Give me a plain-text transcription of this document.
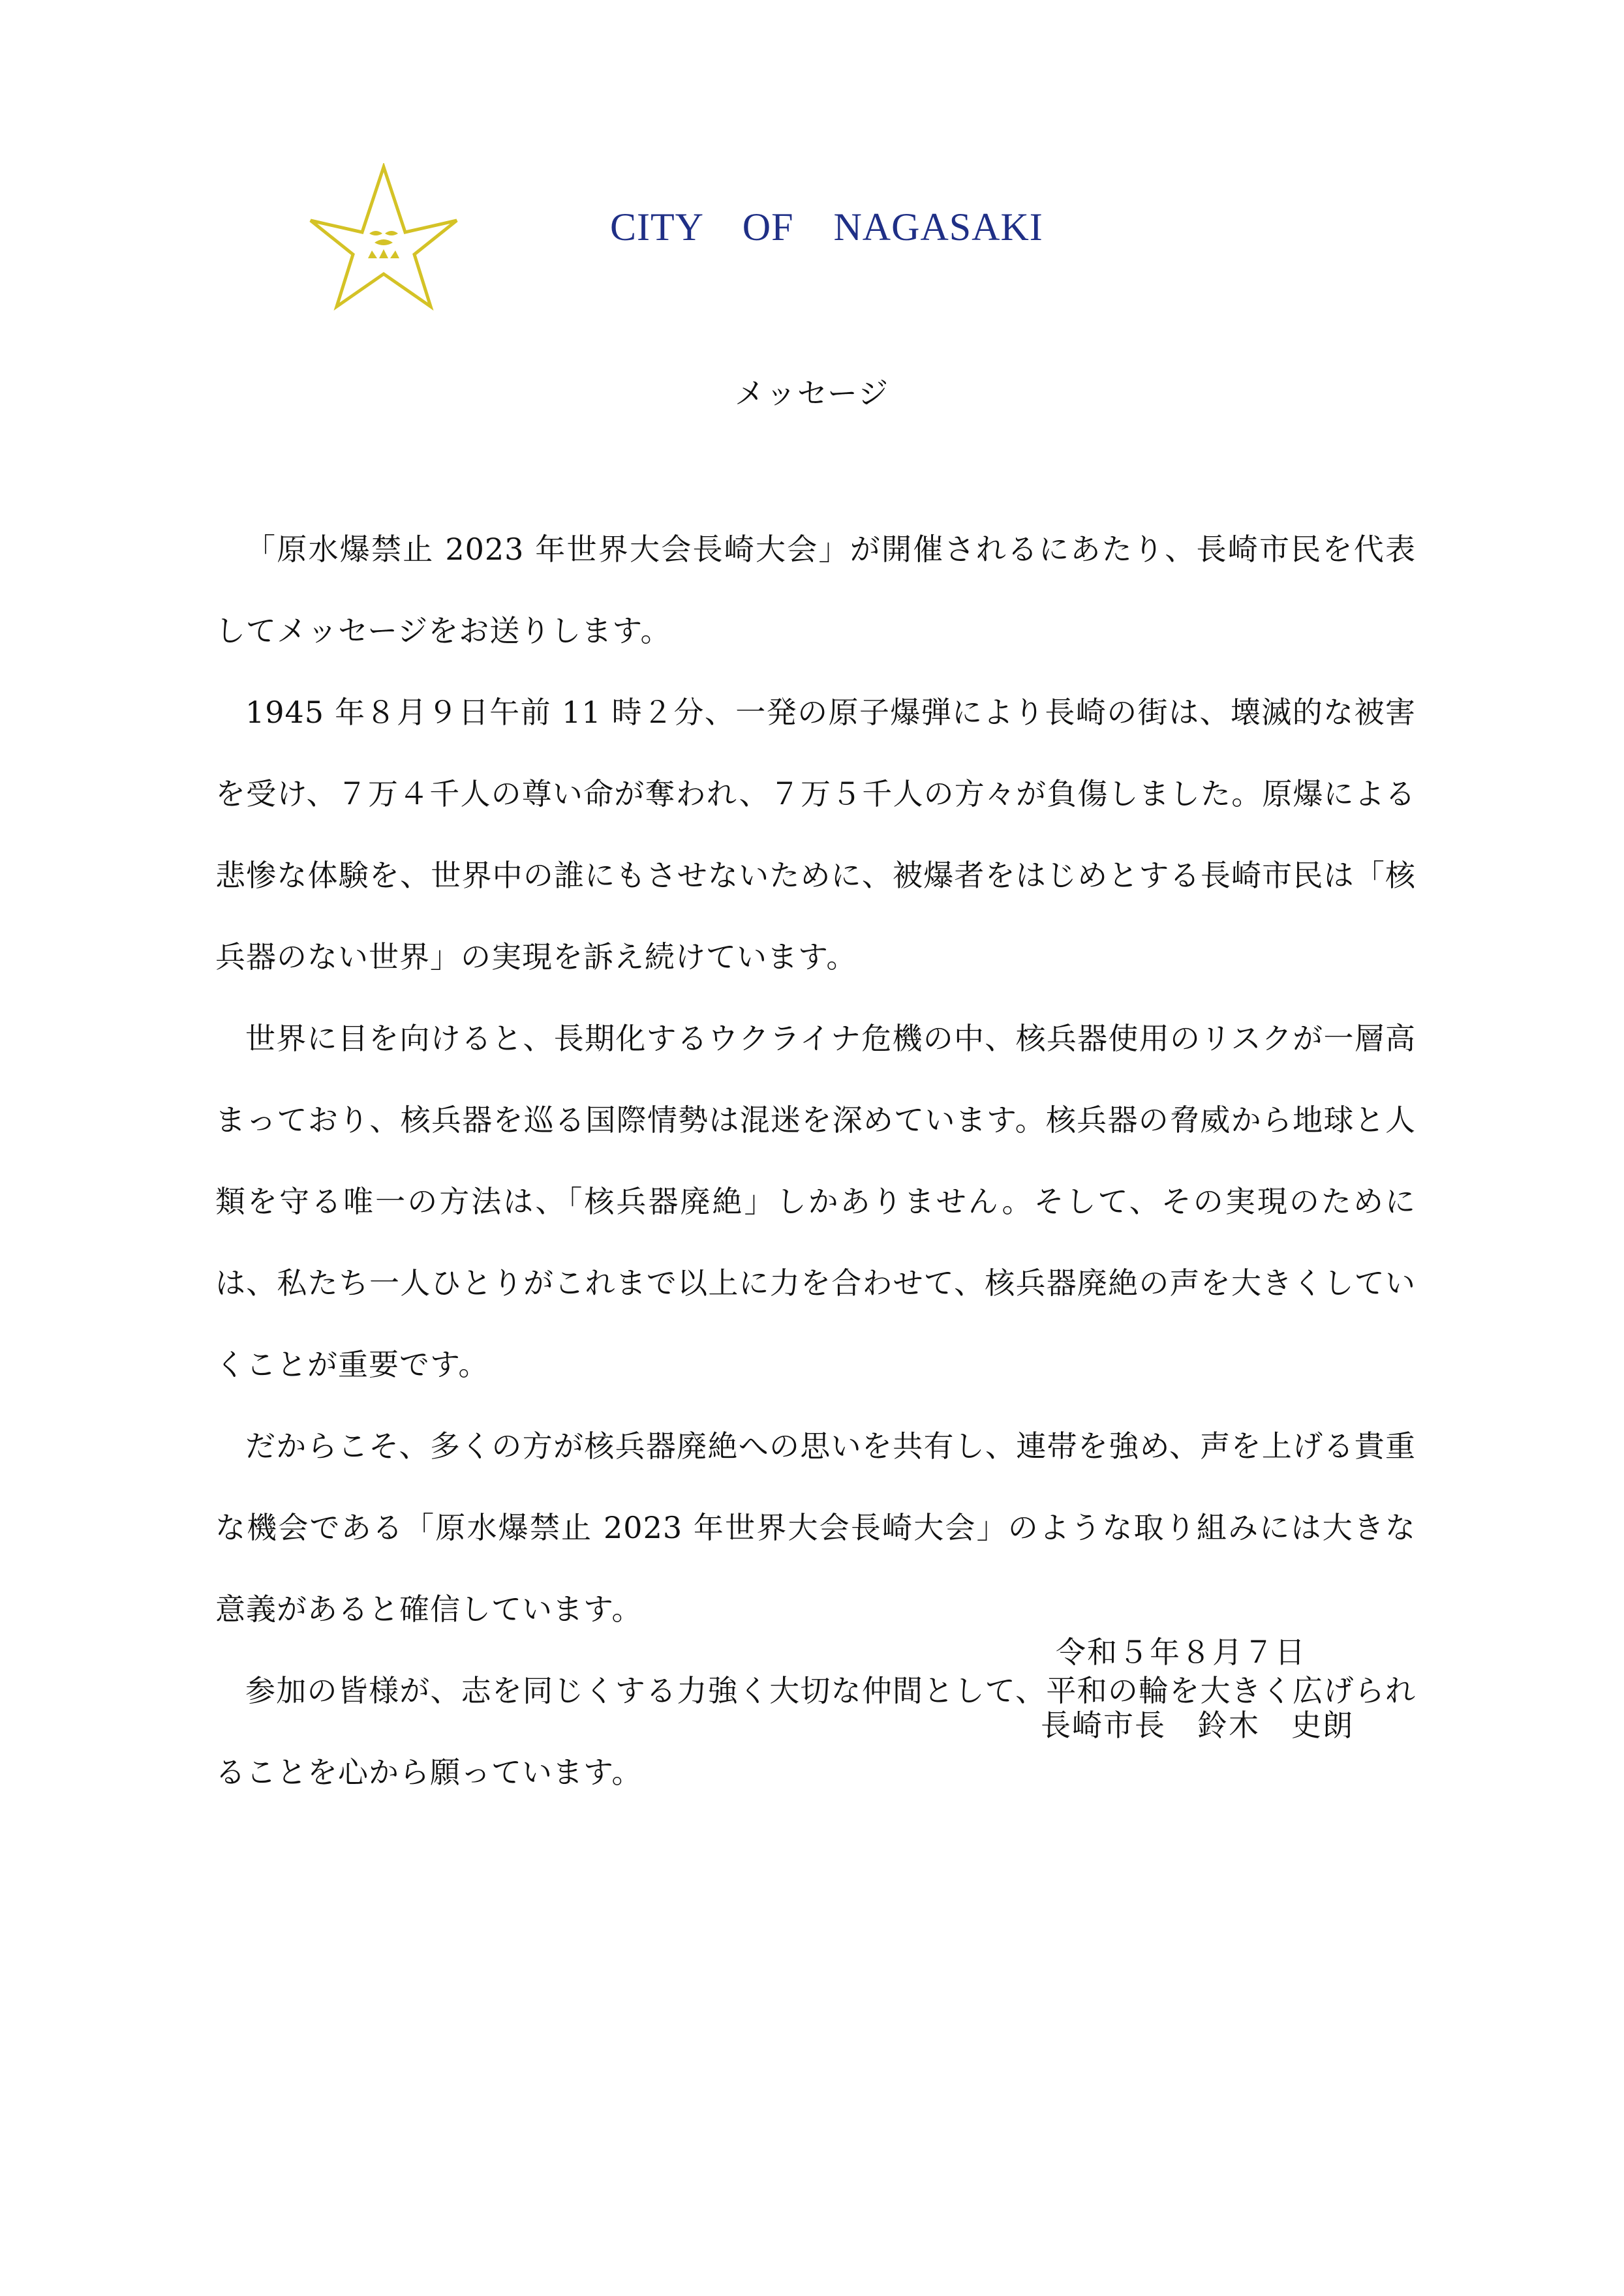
CITY　OF　NAGASAKI
メッセージ

「原水爆禁止 2023 年世界大会長崎大会」が開催されるにあたり、長崎市民を代表してメッセージをお送りします。

1945 年８月９日午前 11 時２分、一発の原子爆弾により長崎の街は、壊滅的な被害を受け、７万４千人の尊い命が奪われ、７万５千人の方々が負傷しました。原爆による悲惨な体験を、世界中の誰にもさせないために、被爆者をはじめとする長崎市民は「核兵器のない世界」の実現を訴え続けています。

世界に目を向けると、長期化するウクライナ危機の中、核兵器使用のリスクが一層高まっており、核兵器を巡る国際情勢は混迷を深めています。核兵器の脅威から地球と人類を守る唯一の方法は、「核兵器廃絶」しかありません。そして、その実現のためには、私たち一人ひとりがこれまで以上に力を合わせて、核兵器廃絶の声を大きくしていくことが重要です。

だからこそ、多くの方が核兵器廃絶への思いを共有し、連帯を強め、声を上げる貴重な機会である「原水爆禁止 2023 年世界大会長崎大会」のような取り組みには大きな意義があると確信しています。

参加の皆様が、志を同じくする力強く大切な仲間として、平和の輪を大きく広げられることを心から願っています。

令和５年８月７日

長崎市長　鈴木　史朗
